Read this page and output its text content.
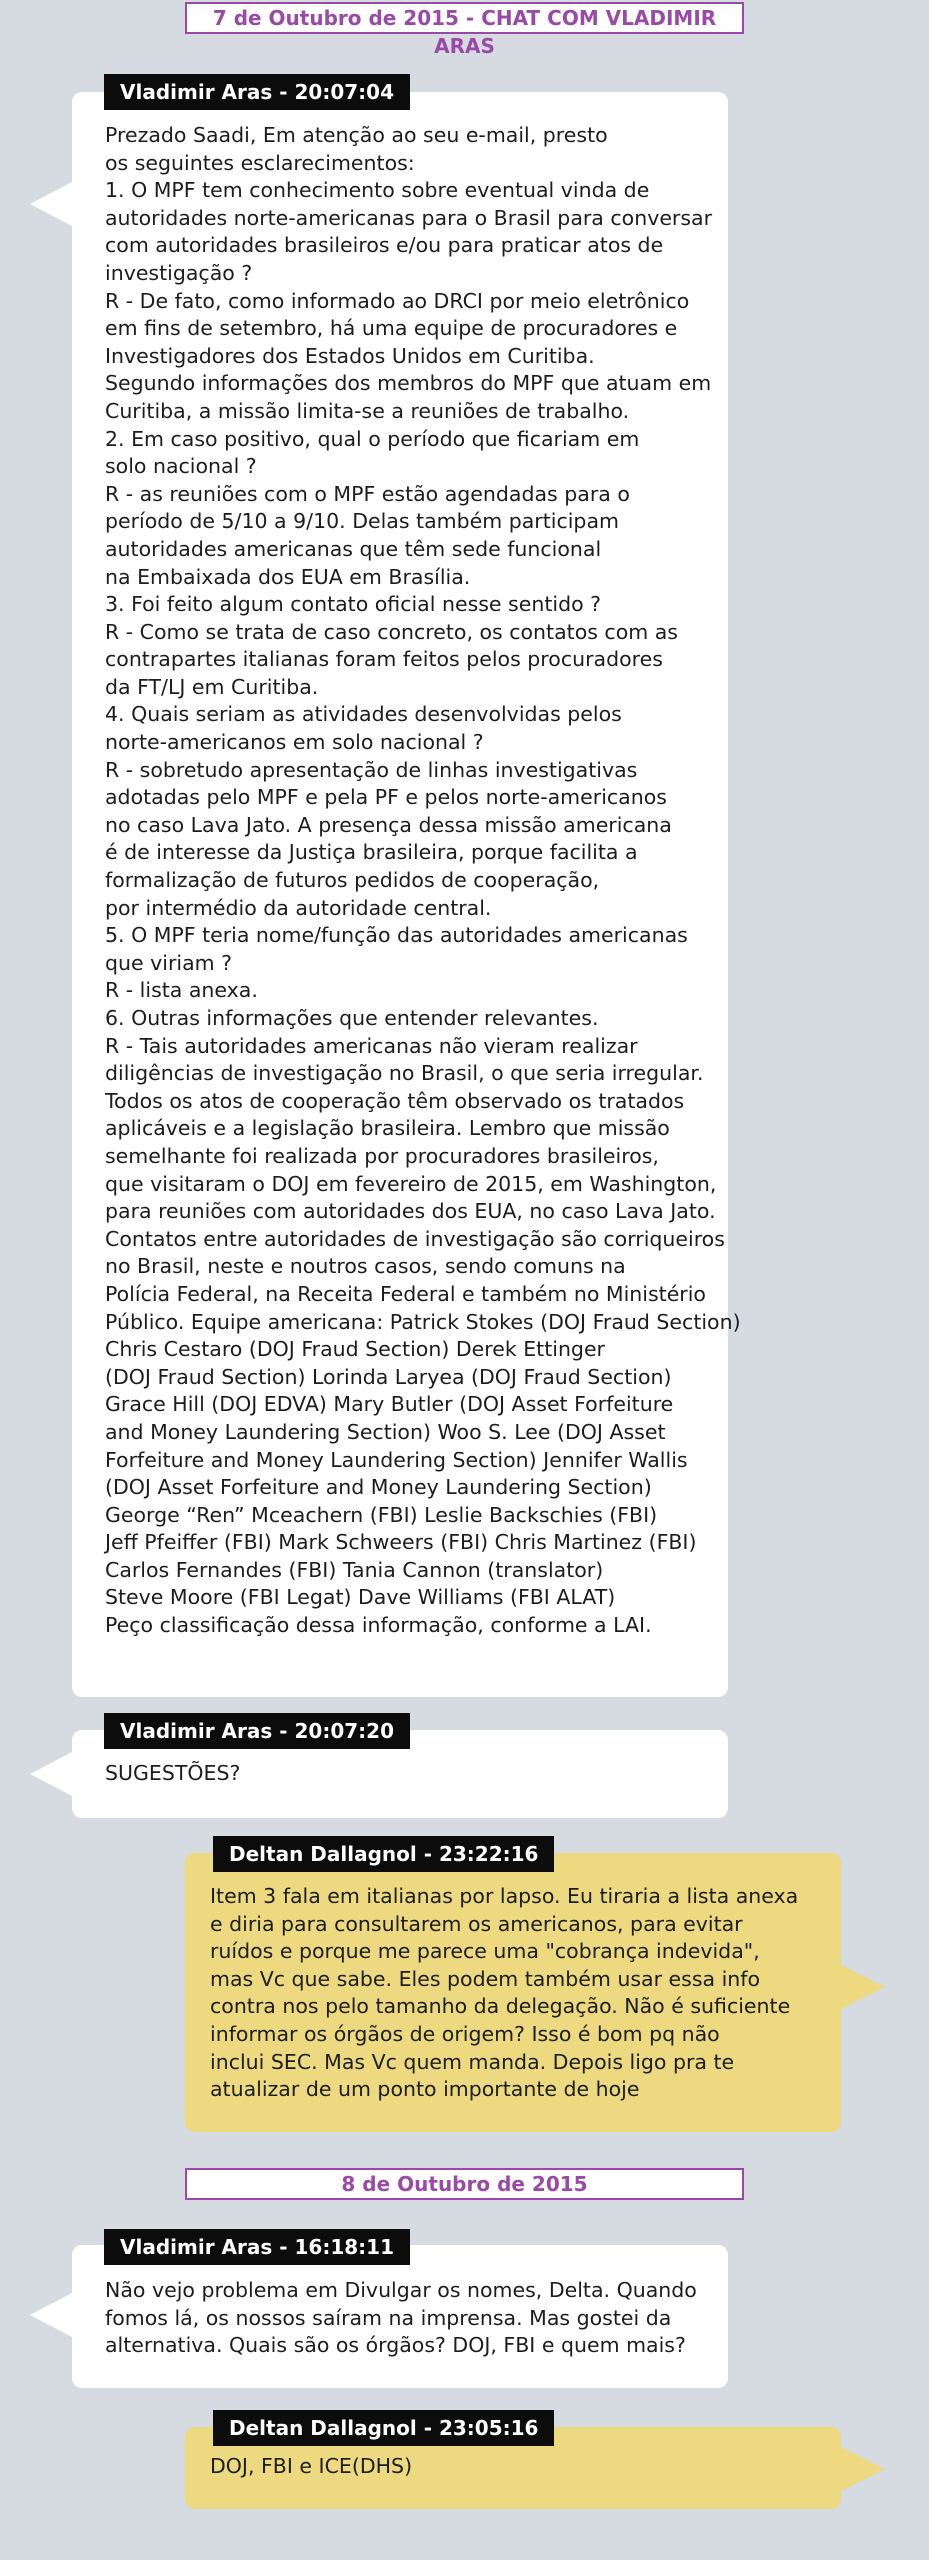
7 de Outubro de 2015 - CHAT COM VLADIMIR ARAS
Prezado Saadi, Em atenção ao seu e-mail, presto
os seguintes esclarecimentos:
1. O MPF tem conhecimento sobre eventual vinda de
autoridades norte-americanas para o Brasil para conversar
com autoridades brasileiros e/ou para praticar atos de
investigação ?
R - De fato, como informado ao DRCI por meio eletrônico
em fins de setembro, há uma equipe de procuradores e
Investigadores dos Estados Unidos em Curitiba.
Segundo informações dos membros do MPF que atuam em
Curitiba, a missão limita-se a reuniões de trabalho.
2. Em caso positivo, qual o período que ficariam em
solo nacional ?
R - as reuniões com o MPF estão agendadas para o
período de 5/10 a 9/10. Delas também participam
autoridades americanas que têm sede funcional
na Embaixada dos EUA em Brasília.
3. Foi feito algum contato oficial nesse sentido ?
R - Como se trata de caso concreto, os contatos com as
contrapartes italianas foram feitos pelos procuradores
da FT/LJ em Curitiba.
4. Quais seriam as atividades desenvolvidas pelos
norte-americanos em solo nacional ?
R - sobretudo apresentação de linhas investigativas
adotadas pelo MPF e pela PF e pelos norte-americanos
no caso Lava Jato. A presença dessa missão americana
é de interesse da Justiça brasileira, porque facilita a
formalização de futuros pedidos de cooperação,
por intermédio da autoridade central.
5. O MPF teria nome/função das autoridades americanas
que viriam ?
R - lista anexa.
6. Outras informações que entender relevantes.
R - Tais autoridades americanas não vieram realizar
diligências de investigação no Brasil, o que seria irregular.
Todos os atos de cooperação têm observado os tratados
aplicáveis e a legislação brasileira. Lembro que missão
semelhante foi realizada por procuradores brasileiros,
que visitaram o DOJ em fevereiro de 2015, em Washington,
para reuniões com autoridades dos EUA, no caso Lava Jato.
Contatos entre autoridades de investigação são corriqueiros
no Brasil, neste e noutros casos, sendo comuns na
Polícia Federal, na Receita Federal e também no Ministério
Público. Equipe americana: Patrick Stokes (DOJ Fraud Section)
Chris Cestaro (DOJ Fraud Section) Derek Ettinger
(DOJ Fraud Section) Lorinda Laryea (DOJ Fraud Section)
Grace Hill (DOJ EDVA) Mary Butler (DOJ Asset Forfeiture
and Money Laundering Section) Woo S. Lee (DOJ Asset
Forfeiture and Money Laundering Section) Jennifer Wallis
(DOJ Asset Forfeiture and Money Laundering Section)
George “Ren” Mceachern (FBI) Leslie Backschies (FBI)
Jeff Pfeiffer (FBI) Mark Schweers (FBI) Chris Martinez (FBI)
Carlos Fernandes (FBI) Tania Cannon (translator)
Steve Moore (FBI Legat) Dave Williams (FBI ALAT)
Peço classificação dessa informação, conforme a LAI.
Vladimir Aras - 20:07:04
SUGESTÕES?
Vladimir Aras - 20:07:20
Item 3 fala em italianas por lapso. Eu tiraria a lista anexa
e diria para consultarem os americanos, para evitar
ruídos e porque me parece uma "cobrança indevida",
mas Vc que sabe. Eles podem também usar essa info
contra nos pelo tamanho da delegação. Não é suficiente
informar os órgãos de origem? Isso é bom pq não
inclui SEC. Mas Vc quem manda. Depois ligo pra te
atualizar de um ponto importante de hoje
Deltan Dallagnol - 23:22:16
8 de Outubro de 2015
Não vejo problema em Divulgar os nomes, Delta. Quando
fomos lá, os nossos saíram na imprensa. Mas gostei da
alternativa. Quais são os órgãos? DOJ, FBI e quem mais?
Vladimir Aras - 16:18:11
DOJ, FBI e ICE(DHS)
Deltan Dallagnol - 23:05:16
